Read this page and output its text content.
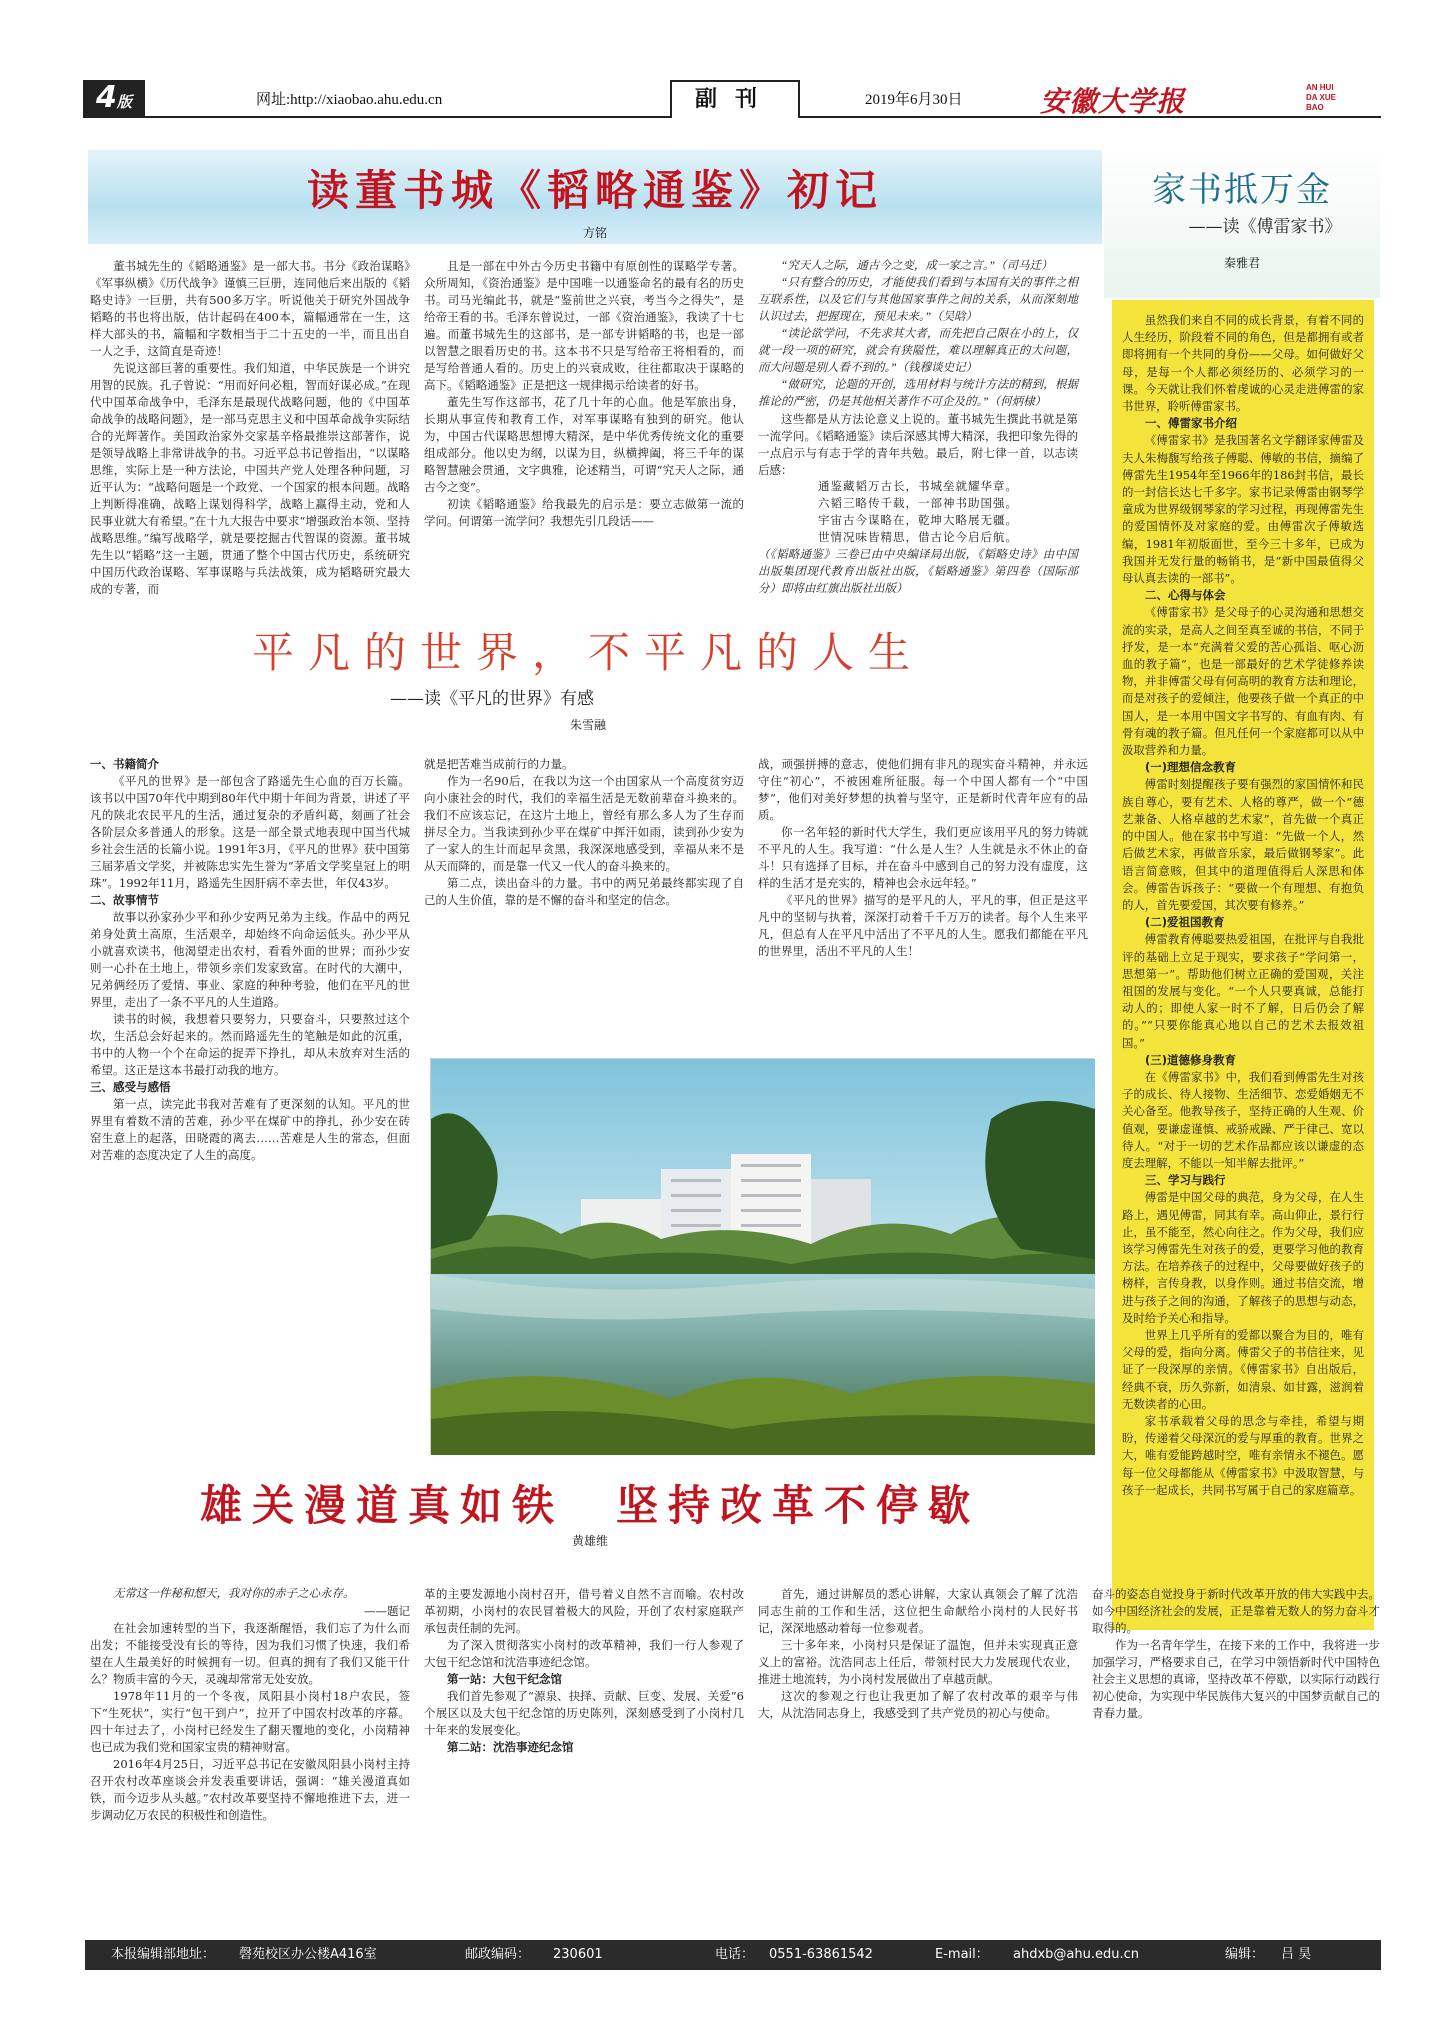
4版	网址:http://xiaobao.ahu.edu.cn	副刊	2019年6月30日	安徽大学报	AN HUI DA XUE BAO
读董书城《韬略通鉴》初记
方铭

董书城先生的《韬略通鉴》是一部大书。书分《政治谋略》《军事纵横》《历代战争》谨慎三巨册，连同他后来出版的《韬略史诗》一巨册，共有500多万字。听说他关于研究外国战争韬略的书也将出版，估计起码在400本，篇幅通常在一生，这样大部头的书，篇幅和字数相当于二十五史的一半，而且出自一人之手，这简直是奇迹！

先说这部巨著的重要性。我们知道，中华民族是一个讲究用智的民族。孔子曾说：“用而好问必粗，智而好谋必成。”在现代中国革命战争中，毛泽东是最现代战略问题，他的《中国革命战争的战略问题》，是一部马克思主义和中国革命战争实际结合的光辉著作。美国政治家外交家基辛格最推崇这部著作，说是领导战略上非常讲战争的书。习近平总书记曾指出，“以谋略思维，实际上是一种方法论，中国共产党人处理各种问题，习近平认为：“战略问题是一个政党、一个国家的根本问题。战略上判断得准确，战略上谋划得科学，战略上赢得主动，党和人民事业就大有希望。”在十九大报告中要求“增强政治本领、坚持战略思维。”编写战略学，就是要挖掘古代智谋的资源。董书城先生以“韬略”这一主题，贯通了整个中国古代历史，系统研究中国历代政治谋略、军事谋略与兵法战策，成为韬略研究最大成的专著，而

且是一部在中外古今历史书籍中有原创性的谋略学专著。众所周知，《资治通鉴》是中国唯一以通鉴命名的最有名的历史书。司马光编此书，就是“鉴前世之兴衰，考当今之得失”，是给帝王看的书。毛泽东曾说过，一部《资治通鉴》，我读了十七遍。而董书城先生的这部书，是一部专讲韬略的书，也是一部以智慧之眼看历史的书。这本书不只是写给帝王将相看的，而是写给普通人看的。历史上的兴衰成败，往往都取决于谋略的高下。《韬略通鉴》正是把这一规律揭示给读者的好书。

董先生写作这部书，花了几十年的心血。他是军旅出身，长期从事宣传和教育工作，对军事谋略有独到的研究。他认为，中国古代谋略思想博大精深，是中华优秀传统文化的重要组成部分。他以史为纲，以谋为目，纵横捭阖，将三千年的谋略智慧融会贯通，文字典雅，论述精当，可谓“究天人之际，通古今之变”。

初读《韬略通鉴》给我最先的启示是：要立志做第一流的学问。何谓第一流学问？我想先引几段话——

“究天人之际，通古今之变，成一家之言。”（司马迁）

“只有整合的历史，才能使我们看到与本国有关的事件之相互联系性，以及它们与其他国家事件之间的关系，从而深刻地认识过去，把握现在，预见未来。”（吴晗）

“读论欲学问，不先求其大者，而先把自己限在小的上，仅就一段一项的研究，就会有狭隘性，难以理解真正的大问题，而大问题是别人看不到的。”（钱穆谈史记）

“做研究，论题的开创，选用材料与统计方法的精到，根据推论的严密，仍是其他相关著作不可企及的。”（何炳棣）

这些都是从方法论意义上说的。董书城先生撰此书就是第一流学问。《韬略通鉴》读后深感其博大精深，我把印象先得的一点启示与有志于学的青年共勉。最后，附七律一首，以志读后感：

通鉴藏韬万古长，书城垒就耀华章。

六韬三略传千载，一部神书助国强。

宇宙古今谋略在，乾坤大略展无疆。

世情况味皆精思，借古论今启后航。

（《韬略通鉴》三卷已由中央编译局出版，《韬略史诗》由中国出版集团现代教育出版社出版，《韬略通鉴》第四卷（国际部分）即将由红旗出版社出版）

家书抵万金
——读《傅雷家书》
秦雅君

虽然我们来自不同的成长背景，有着不同的人生经历，阶段着不同的角色，但是都拥有或者即将拥有一个共同的身份——父母。如何做好父母，是每一个人都必须经历的、必须学习的一课。今天就让我们怀着虔诚的心灵走进傅雷的家书世界，聆听傅雷家书。

一、傅雷家书介绍

《傅雷家书》是我国著名文学翻译家傅雷及夫人朱梅馥写给孩子傅聪、傅敏的书信，摘编了傅雷先生1954年至1966年的186封书信，最长的一封信长达七千多字。家书记录傅雷由钢琴学童成为世界级钢琴家的学习过程，再现傅雷先生的爱国情怀及对家庭的爱。由傅雷次子傅敏选编，1981年初版面世，至今三十多年，已成为我国并无发行量的畅销书，是“新中国最值得父母认真去读的一部书”。

二、心得与体会

《傅雷家书》是父母子的心灵沟通和思想交流的实录，是高人之间至真至诚的书信，不同于抒发，是一本“充满着父爱的苦心孤诣、呕心沥血的教子篇”，也是一部最好的艺术学徒修养读物，并非傅雷父母有何高明的教育方法和理论，而是对孩子的爱倾注，他要孩子做一个真正的中国人，是一本用中国文字书写的、有血有肉、有骨有魂的教子篇。但凡任何一个家庭都可以从中汲取营养和力量。

(一)理想信念教育

傅雷时刻提醒孩子要有强烈的家国情怀和民族自尊心，要有艺术、人格的尊严，做一个“德艺兼备、人格卓越的艺术家”，首先做一个真正的中国人。他在家书中写道：“先做一个人，然后做艺术家，再做音乐家，最后做钢琴家”。此语言简意赅，但其中的道理值得后人深思和体会。傅雷告诉孩子：“要做一个有理想、有抱负的人，首先要爱国，其次要有修养。”

(二)爱祖国教育

傅雷教育傅聪要热爱祖国，在批评与自我批评的基础上立足于现实，要求孩子“学问第一，思想第一”。帮助他们树立正确的爱国观，关注祖国的发展与变化。“一个人只要真诚，总能打动人的；即使人家一时不了解，日后仍会了解的。”“只要你能真心地以自己的艺术去报效祖国。”

(三)道德修身教育

在《傅雷家书》中，我们看到傅雷先生对孩子的成长、待人接物、生活细节、恋爱婚姻无不关心备至。他教导孩子，坚持正确的人生观、价值观，要谦虚谨慎、戒骄戒躁、严于律己、宽以待人。“对于一切的艺术作品都应该以谦虚的态度去理解，不能以一知半解去批评。”

三、学习与践行

傅雷是中国父母的典范，身为父母，在人生路上，遇见傅雷，同其有幸。高山仰止，景行行止，虽不能至，然心向往之。作为父母，我们应该学习傅雷先生对孩子的爱，更要学习他的教育方法。在培养孩子的过程中，父母要做好孩子的榜样，言传身教，以身作则。通过书信交流，增进与孩子之间的沟通，了解孩子的思想与动态，及时给予关心和指导。

世界上几乎所有的爱都以聚合为目的，唯有父母的爱，指向分离。傅雷父子的书信往来，见证了一段深厚的亲情。《傅雷家书》自出版后，经典不衰，历久弥新，如清泉、如甘露，滋润着无数读者的心田。

家书承载着父母的思念与牵挂，希望与期盼，传递着父母深沉的爱与厚重的教育。世界之大，唯有爱能跨越时空，唯有亲情永不褪色。愿每一位父母都能从《傅雷家书》中汲取智慧，与孩子一起成长，共同书写属于自己的家庭篇章。

平凡的世界，不平凡的人生
——读《平凡的世界》有感
朱雪融

一、书籍简介

《平凡的世界》是一部包含了路遥先生心血的百万长篇。该书以中国70年代中期到80年代中期十年间为背景，讲述了平凡的陕北农民平凡的生活，通过复杂的矛盾纠葛，刻画了社会各阶层众多普通人的形象。这是一部全景式地表现中国当代城乡社会生活的长篇小说。1991年3月，《平凡的世界》获中国第三届茅盾文学奖，并被陈忠实先生誉为“茅盾文学奖皇冠上的明珠”。1992年11月，路遥先生因肝病不幸去世，年仅43岁。

二、故事情节

故事以孙家孙少平和孙少安两兄弟为主线。作品中的两兄弟身处黄土高原，生活艰辛，却始终不向命运低头。孙少平从小就喜欢读书，他渴望走出农村，看看外面的世界；而孙少安则一心扑在土地上，带领乡亲们发家致富。在时代的大潮中，兄弟俩经历了爱情、事业、家庭的种种考验，他们在平凡的世界里，走出了一条不平凡的人生道路。

读书的时候，我想着只要努力，只要奋斗，只要熬过这个坎，生活总会好起来的。然而路遥先生的笔触是如此的沉重，书中的人物一个个在命运的捉弄下挣扎，却从未放弃对生活的希望。这正是这本书最打动我的地方。

三、感受与感悟

第一点，读完此书我对苦难有了更深刻的认知。平凡的世界里有着数不清的苦难，孙少平在煤矿中的挣扎，孙少安在砖窑生意上的起落，田晓霞的离去……苦难是人生的常态，但面对苦难的态度决定了人生的高度。

就是把苦难当成前行的力量。

作为一名90后，在我以为这一个由国家从一个高度贫穷迈向小康社会的时代，我们的幸福生活是无数前辈奋斗换来的。我们不应该忘记，在这片土地上，曾经有那么多人为了生存而拼尽全力。当我读到孙少平在煤矿中挥汗如雨，读到孙少安为了一家人的生计而起早贪黑，我深深地感受到，幸福从来不是从天而降的，而是靠一代又一代人的奋斗换来的。

第二点，读出奋斗的力量。书中的两兄弟最终都实现了自己的人生价值，靠的是不懈的奋斗和坚定的信念。

战，顽强拼搏的意志，使他们拥有非凡的现实奋斗精神，并永远守住“初心”，不被困难所征服。每一个中国人都有一个“中国梦”，他们对美好梦想的执着与坚守，正是新时代青年应有的品质。

你一名年轻的新时代大学生，我们更应该用平凡的努力铸就不平凡的人生。我写道：“什么是人生？人生就是永不休止的奋斗！只有选择了目标，并在奋斗中感到自己的努力没有虚度，这样的生活才是充实的，精神也会永远年轻。”

《平凡的世界》描写的是平凡的人，平凡的事，但正是这平凡中的坚韧与执着，深深打动着千千万万的读者。每个人生来平凡，但总有人在平凡中活出了不平凡的人生。愿我们都能在平凡的世界里，活出不平凡的人生！

雄关漫道真如铁　坚持改革不停歇
黄雄维

无常这一件秘和想天，我对你的赤子之心永存。

——题记

在社会加速转型的当下，我逐渐醒悟，我们忘了为什么而出发；不能接受没有长的等待，因为我们习惯了快速，我们希望在人生最美好的时候拥有一切。但真的拥有了我们又能干什么？物质丰富的今天，灵魂却常常无处安放。

1978年11月的一个冬夜，凤阳县小岗村18户农民，签下“生死状”，实行“包干到户”，拉开了中国农村改革的序幕。四十年过去了，小岗村已经发生了翻天覆地的变化，小岗精神也已成为我们党和国家宝贵的精神财富。

2016年4月25日，习近平总书记在安徽凤阳县小岗村主持召开农村改革座谈会并发表重要讲话，强调：“雄关漫道真如铁，而今迈步从头越。”农村改革要坚持不懈地推进下去，进一步调动亿万农民的积极性和创造性。

革的主要发源地小岗村召开，借号着义自然不言而喻。农村改革初期，小岗村的农民冒着极大的风险，开创了农村家庭联产承包责任制的先河。

为了深入贯彻落实小岗村的改革精神，我们一行人参观了大包干纪念馆和沈浩事迹纪念馆。

第一站：大包干纪念馆

我们首先参观了“源泉、抉择、贡献、巨变、发展、关爱”6个展区以及大包干纪念馆的历史陈列，深刻感受到了小岗村几十年来的发展变化。

第二站：沈浩事迹纪念馆

首先，通过讲解员的悉心讲解，大家认真领会了解了沈浩同志生前的工作和生活，这位把生命献给小岗村的人民好书记，深深地感动着每一位参观者。

三十多年来，小岗村只是保证了温饱，但并未实现真正意义上的富裕。沈浩同志上任后，带领村民大力发展现代农业，推进土地流转，为小岗村发展做出了卓越贡献。

这次的参观之行也让我更加了解了农村改革的艰辛与伟大，从沈浩同志身上，我感受到了共产党员的初心与使命。

奋斗的姿态自觉投身于新时代改革开放的伟大实践中去。如今中国经济社会的发展，正是靠着无数人的努力奋斗才取得的。

作为一名青年学生，在接下来的工作中，我将进一步加强学习，严格要求自己，在学习中领悟新时代中国特色社会主义思想的真谛，坚持改革不停歇，以实际行动践行初心使命，为实现中华民族伟大复兴的中国梦贡献自己的青春力量。

本报编辑部地址： 磬苑校区办公楼A416室	邮政编码： 230601	电话： 0551-63861542	E-mail： ahdxb@ahu.edu.cn	编辑： 吕 昊
